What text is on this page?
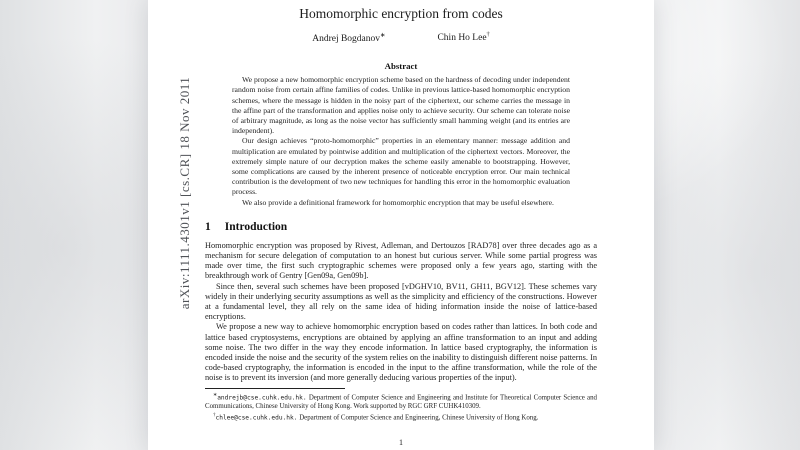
arXiv:1111.4301v1 [cs.CR] 18 Nov 2011
Homomorphic encryption from codes
Andrej Bogdanov∗	Chin Ho Lee†
Abstract

We propose a new homomorphic encryption scheme based on the hardness of decoding under independent random noise from certain affine families of codes. Unlike in previous lattice-based homomorphic encryption schemes, where the message is hidden in the noisy part of the ciphertext, our scheme carries the message in the affine part of the transformation and applies noise only to achieve security. Our scheme can tolerate noise of arbitrary magnitude, as long as the noise vector has sufficiently small hamming weight (and its entries are independent).

Our design achieves “proto-homomorphic” properties in an elementary manner: message addition and multiplication are emulated by pointwise addition and multiplication of the ciphertext vectors. Moreover, the extremely simple nature of our decryption makes the scheme easily amenable to bootstrapping. However, some complications are caused by the inherent presence of noticeable encryption error. Our main technical contribution is the development of two new techniques for handling this error in the homomorphic evaluation process.

We also provide a definitional framework for homomorphic encryption that may be useful elsewhere.

1 Introduction

Homomorphic encryption was proposed by Rivest, Adleman, and Dertouzos [RAD78] over three decades ago as a mechanism for secure delegation of computation to an honest but curious server. While some partial progress was made over time, the first such cryptographic schemes were proposed only a few years ago, starting with the breakthrough work of Gentry [Gen09a, Gen09b].

Since then, several such schemes have been proposed [vDGHV10, BV11, GH11, BGV12]. These schemes vary widely in their underlying security assumptions as well as the simplicity and efficiency of the constructions. However at a fundamental level, they all rely on the same idea of hiding information inside the noise of lattice-based encryptions.

We propose a new way to achieve homomorphic encryption based on codes rather than lattices. In both code and lattice based cryptosystems, encryptions are obtained by applying an affine transformation to an input and adding some noise. The two differ in the way they encode information. In lattice based cryptography, the information is encoded inside the noise and the security of the system relies on the inability to distinguish different noise patterns. In code-based cryptography, the information is encoded in the input to the affine transformation, while the role of the noise is to prevent its inversion (and more generally deducing various properties of the input).

∗andrejb@cse.cuhk.edu.hk. Department of Computer Science and Engineering and Institute for Theoretical Computer Science and Communications, Chinese University of Hong Kong. Work supported by RGC GRF CUHK410309.

†chlee@cse.cuhk.edu.hk. Department of Computer Science and Engineering, Chinese University of Hong Kong.

1
